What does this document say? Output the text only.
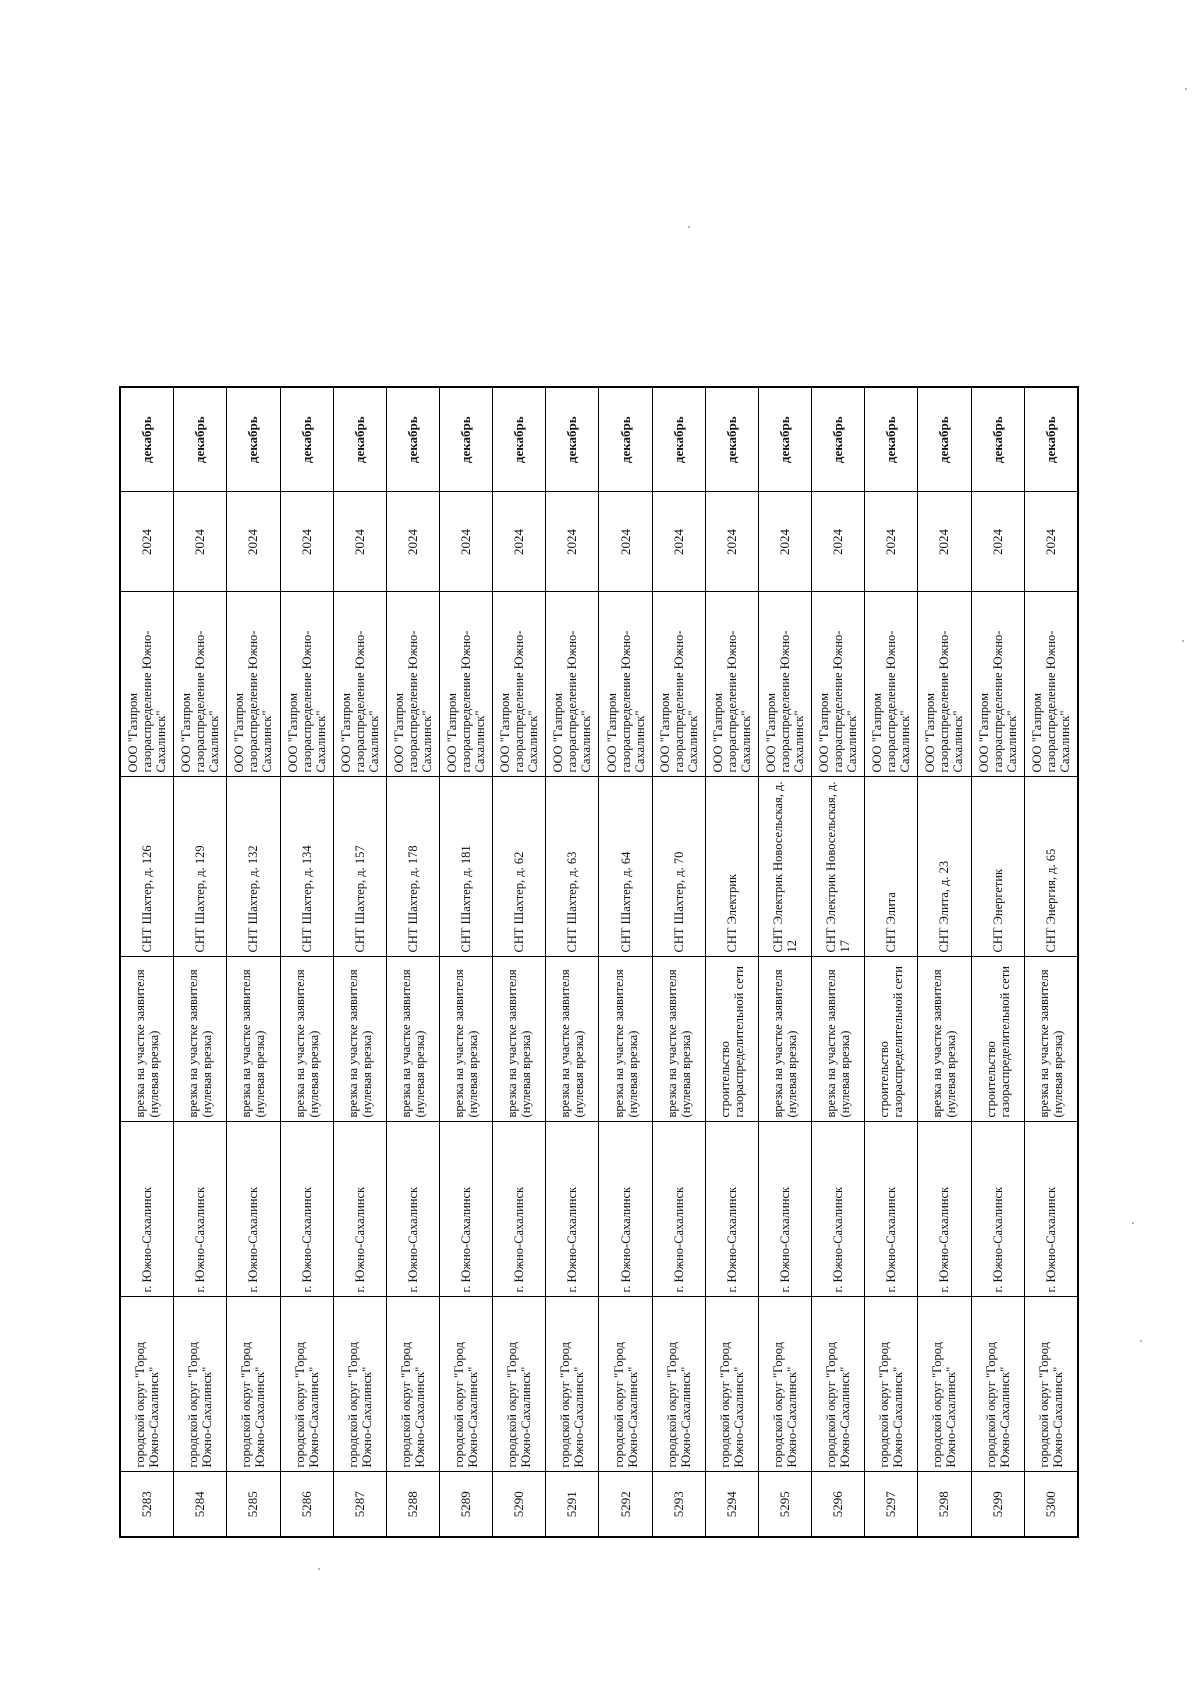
5283	городской округ "Город Южно-Сахалинск"	г. Южно-Сахалинск	врезка на участке заявителя (нулевая врезка)	СНТ Шахтер, д. 126	ООО "Газпром газораспределение Южно-Сахалинск"	2024	декабрь
5284	городской округ "Город Южно-Сахалинск"	г. Южно-Сахалинск	врезка на участке заявителя (нулевая врезка)	СНТ Шахтер, д. 129	ООО "Газпром газораспределение Южно-Сахалинск"	2024	декабрь
5285	городской округ "Город Южно-Сахалинск"	г. Южно-Сахалинск	врезка на участке заявителя (нулевая врезка)	СНТ Шахтер, д. 132	ООО "Газпром газораспределение Южно-Сахалинск"	2024	декабрь
5286	городской округ "Город Южно-Сахалинск"	г. Южно-Сахалинск	врезка на участке заявителя (нулевая врезка)	СНТ Шахтер, д. 134	ООО "Газпром газораспределение Южно-Сахалинск"	2024	декабрь
5287	городской округ "Город Южно-Сахалинск"	г. Южно-Сахалинск	врезка на участке заявителя (нулевая врезка)	СНТ Шахтер, д. 157	ООО "Газпром газораспределение Южно-Сахалинск"	2024	декабрь
5288	городской округ "Город Южно-Сахалинск"	г. Южно-Сахалинск	врезка на участке заявителя (нулевая врезка)	СНТ Шахтер, д. 178	ООО "Газпром газораспределение Южно-Сахалинск"	2024	декабрь
5289	городской округ "Город Южно-Сахалинск"	г. Южно-Сахалинск	врезка на участке заявителя (нулевая врезка)	СНТ Шахтер, д. 181	ООО "Газпром газораспределение Южно-Сахалинск"	2024	декабрь
5290	городской округ "Город Южно-Сахалинск"	г. Южно-Сахалинск	врезка на участке заявителя (нулевая врезка)	СНТ Шахтер, д. 62	ООО "Газпром газораспределение Южно-Сахалинск"	2024	декабрь
5291	городской округ "Город Южно-Сахалинск"	г. Южно-Сахалинск	врезка на участке заявителя (нулевая врезка)	СНТ Шахтер, д. 63	ООО "Газпром газораспределение Южно-Сахалинск"	2024	декабрь
5292	городской округ "Город Южно-Сахалинск"	г. Южно-Сахалинск	врезка на участке заявителя (нулевая врезка)	СНТ Шахтер, д. 64	ООО "Газпром газораспределение Южно-Сахалинск"	2024	декабрь
5293	городской округ "Город Южно-Сахалинск"	г. Южно-Сахалинск	врезка на участке заявителя (нулевая врезка)	СНТ Шахтер, д. 70	ООО "Газпром газораспределение Южно-Сахалинск"	2024	декабрь
5294	городской округ "Город Южно-Сахалинск"	г. Южно-Сахалинск	строительство газораспределительной сети	СНТ Электрик	ООО "Газпром газораспределение Южно-Сахалинск"	2024	декабрь
5295	городской округ "Город Южно-Сахалинск"	г. Южно-Сахалинск	врезка на участке заявителя (нулевая врезка)	СНТ Электрик Новосельская, д. 12	ООО "Газпром газораспределение Южно-Сахалинск"	2024	декабрь
5296	городской округ "Город Южно-Сахалинск"	г. Южно-Сахалинск	врезка на участке заявителя (нулевая врезка)	СНТ Электрик Новосельская, д. 17	ООО "Газпром газораспределение Южно-Сахалинск"	2024	декабрь
5297	городской округ "Город Южно-Сахалинск"	г. Южно-Сахалинск	строительство газораспределительной сети	СНТ Элита	ООО "Газпром газораспределение Южно-Сахалинск"	2024	декабрь
5298	городской округ "Город Южно-Сахалинск"	г. Южно-Сахалинск	врезка на участке заявителя (нулевая врезка)	СНТ Элита, д. 23	ООО "Газпром газораспределение Южно-Сахалинск"	2024	декабрь
5299	городской округ "Город Южно-Сахалинск"	г. Южно-Сахалинск	строительство газораспределительной сети	СНТ Энергетик	ООО "Газпром газораспределение Южно-Сахалинск"	2024	декабрь
5300	городской округ "Город Южно-Сахалинск"	г. Южно-Сахалинск	врезка на участке заявителя (нулевая врезка)	СНТ Энергия, д. 65	ООО "Газпром газораспределение Южно-Сахалинск"	2024	декабрь
